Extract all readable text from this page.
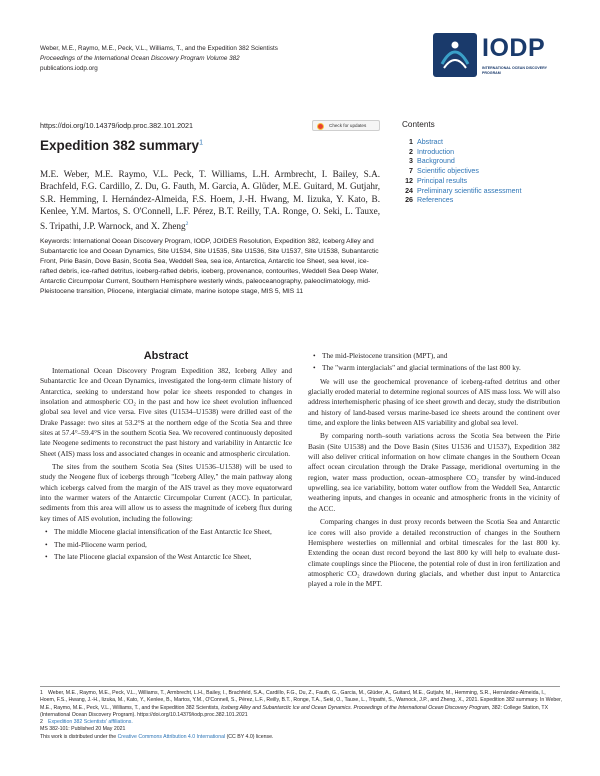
Weber, M.E., Raymo, M.E., Peck, V.L., Williams, T., and the Expedition 382 Scientists
Proceedings of the International Ocean Discovery Program Volume 382
publications.iodp.org
IODP
INTERNATIONAL OCEAN DISCOVERY PROGRAM
https://doi.org/10.14379/iodp.proc.382.101.2021	Check for updates
Expedition 382 summary$^1$
M.E. Weber, M.E. Raymo, V.L. Peck, T. Williams, L.H. Armbrecht, I. Bailey, S.A. Brachfeld, F.G. Cardillo, Z. Du, G. Fauth, M. Garcia, A. Glüder, M.E. Guitard, M. Gutjahr, S.R. Hemming, I. Hernández-Almeida, F.S. Hoem, J.-H. Hwang, M. Iizuka, Y. Kato, B. Kenlee, Y.M. Martos, S. O'Connell, L.F. Pérez, B.T. Reilly, T.A. Ronge, O. Seki, L. Tauxe, S. Tripathi, J.P. Warnock, and X. Zheng$^2$
Keywords: International Ocean Discovery Program, IODP, JOIDES Resolution, Expedition 382, Iceberg Alley and Subantarctic Ice and Ocean Dynamics, Site U1534, Site U1535, Site U1536, Site U1537, Site U1538, Subantarctic Front, Pirie Basin, Dove Basin, Scotia Sea, Weddell Sea, sea ice, Antarctica, Antarctic Ice Sheet, sea level, ice-rafted debris, ice-rafted detritus, iceberg-rafted debris, iceberg, provenance, contourites, Weddell Sea Deep Water, Antarctic Circumpolar Current, Southern Hemisphere westerly winds, paleoceanography, paleoclimatology, mid-Pleistocene transition, Pliocene, interglacial climate, marine isotope stage, MIS 5, MIS 11
Contents
1 Abstract
2 Introduction
3 Background
7 Scientific objectives
12 Principal results
24 Preliminary scientific assessment
26 References
Abstract

International Ocean Discovery Program Expedition 382, Iceberg Alley and Subantarctic Ice and Ocean Dynamics, investigated the long-term climate history of Antarctica, seeking to understand how polar ice sheets responded to changes in insolation and atmospheric CO₂ in the past and how ice sheet evolution influenced global sea level and vice versa. Five sites (U1534–U1538) were drilled east of the Drake Passage: two sites at 53.2°S at the northern edge of the Scotia Sea and three sites at 57.4°–59.4°S in the southern Scotia Sea. We recovered continuously deposited late Neogene sediments to reconstruct the past history and variability in Antarctic Ice Sheet (AIS) mass loss and associated changes in oceanic and atmospheric circulation.

The sites from the southern Scotia Sea (Sites U1536–U1538) will be used to study the Neogene flux of icebergs through "Iceberg Alley," the main pathway along which icebergs calved from the margin of the AIS travel as they move equatorward into the warmer waters of the Antarctic Circumpolar Current (ACC). In particular, sediments from this area will allow us to assess the magnitude of iceberg flux during key times of AIS evolution, including the following:

• The middle Miocene glacial intensification of the East Antarctic Ice Sheet,
• The mid-Pliocene warm period,
• The late Pliocene glacial expansion of the West Antarctic Ice Sheet,
• The mid-Pleistocene transition (MPT), and
• The "warm interglacials" and glacial terminations of the last 800 ky.

We will use the geochemical provenance of iceberg-rafted detritus and other glacially eroded material to determine regional sources of AIS mass loss. We will also address interhemispheric phasing of ice sheet growth and decay, study the distribution and history of land-based versus marine-based ice sheets around the continent over time, and explore the links between AIS variability and global sea level.

By comparing north–south variations across the Scotia Sea between the Pirie Basin (Site U1538) and the Dove Basin (Sites U1536 and U1537), Expedition 382 will also deliver critical information on how climate changes in the Southern Ocean affect ocean circulation through the Drake Passage, meridional overturning in the region, water mass production, ocean–atmosphere CO₂ transfer by wind-induced upwelling, sea ice variability, bottom water outflow from the Weddell Sea, Antarctic weathering inputs, and changes in oceanic and atmospheric fronts in the vicinity of the ACC.

Comparing changes in dust proxy records between the Scotia Sea and Antarctic ice cores will also provide a detailed reconstruction of changes in the Southern Hemisphere westerlies on millennial and orbital timescales for the last 800 ky. Extending the ocean dust record beyond the last 800 ky will help to evaluate dust-climate couplings since the Pliocene, the potential role of dust in iron fertilization and atmospheric CO₂ drawdown during glacials, and whether dust input to Antarctica played a role in the MPT.

1 Weber, M.E., Raymo, M.E., Peck, V.L., Williams, T., Armbrecht, L.H., Bailey, I., Brachfeld, S.A., Cardillo, F.G., Du, Z., Fauth, G., Garcia, M., Glüder, A., Guitard, M.E., Gutjahr, M., Hemming, S.R., Hernández-Almeida, I., Hoem, F.S., Hwang, J.-H., Iizuka, M., Kato, Y., Kenlee, B., Martos, Y.M., O'Connell, S., Pérez, L.F., Reilly, B.T., Ronge, T.A., Seki, O., Tauxe, L., Tripathi, S., Warnock, J.P., and Zheng, X., 2021. Expedition 382 summary. In Weber, M.E., Raymo, M.E., Peck, V.L., Williams, T., and the Expedition 382 Scientists, Iceberg Alley and Subantarctic Ice and Ocean Dynamics. Proceedings of the International Ocean Discovery Program, 382: College Station, TX (International Ocean Discovery Program). https://doi.org/10.14379/iodp.proc.382.101.2021
2 Expedition 382 Scientists' affiliations.
MS 382-101: Published 20 May 2021
This work is distributed under the Creative Commons Attribution 4.0 International (CC BY 4.0) license.
